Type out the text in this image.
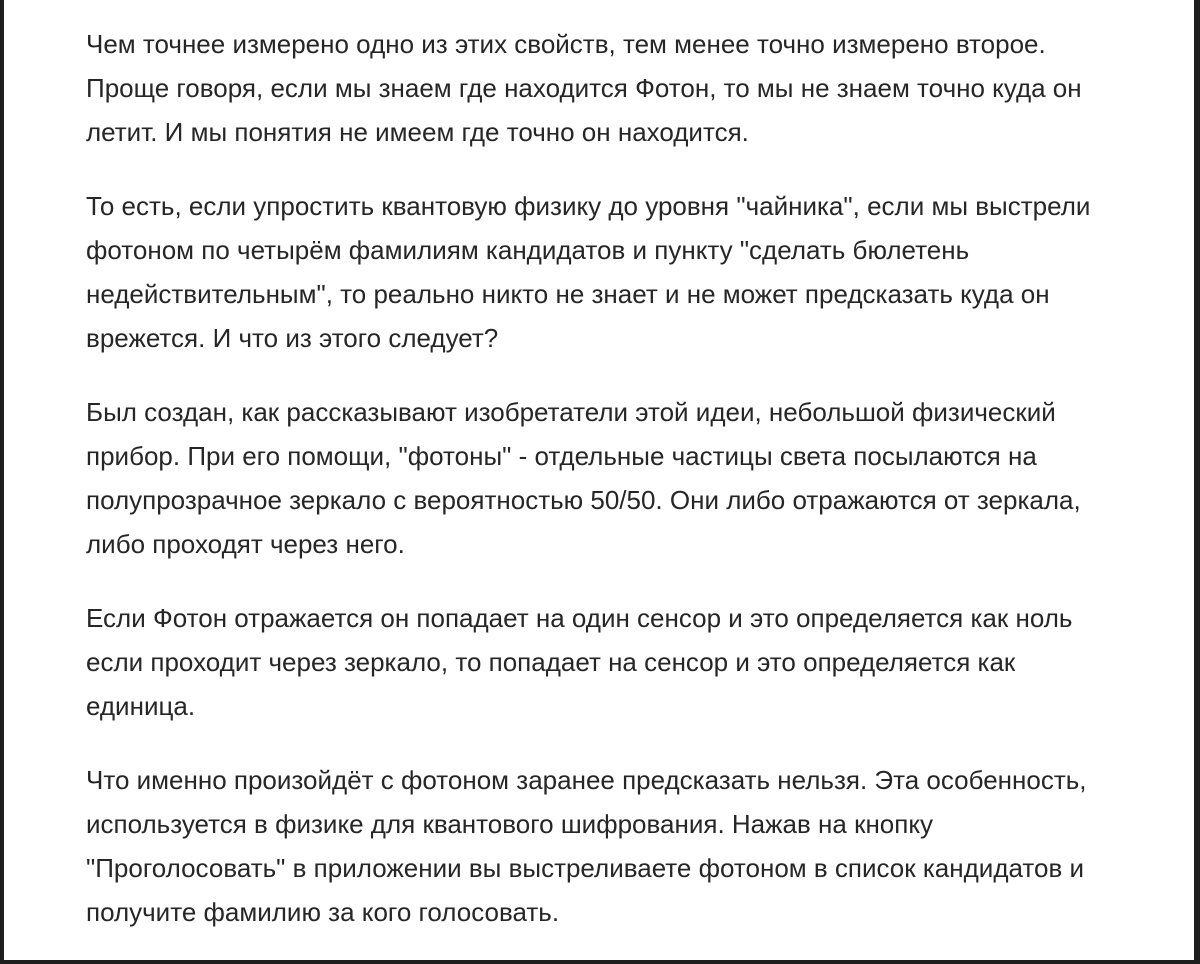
Чем точнее измерено одно из этих свойств, тем менее точно измерено второе. Проще говоря, если мы знаем где находится Фотон, то мы не знаем точно куда он летит. И мы понятия не имеем где точно он находится.

То есть, если упростить квантовую физику до уровня "чайника", если мы выстрели фотоном по четырём фамилиям кандидатов и пункту "сделать бюлетень недействительным", то реально никто не знает и не может предсказать куда он врежется. И что из этого следует?

Был создан, как рассказывают изобретатели этой идеи, небольшой физический прибор. При его помощи, "фотоны" - отдельные частицы света посылаются на полупрозрачное зеркало с вероятностью 50/50. Они либо отражаются от зеркала, либо проходят через него.

Если Фотон отражается он попадает на один сенсор и это определяется как ноль если проходит через зеркало, то попадает на сенсор и это определяется как единица.

Что именно произойдёт с фотоном заранее предсказать нельзя. Эта особенность, используется в физике для квантового шифрования. Нажав на кнопку "Проголосовать" в приложении вы выстреливаете фотоном в список кандидатов и получите фамилию за кого голосовать.
